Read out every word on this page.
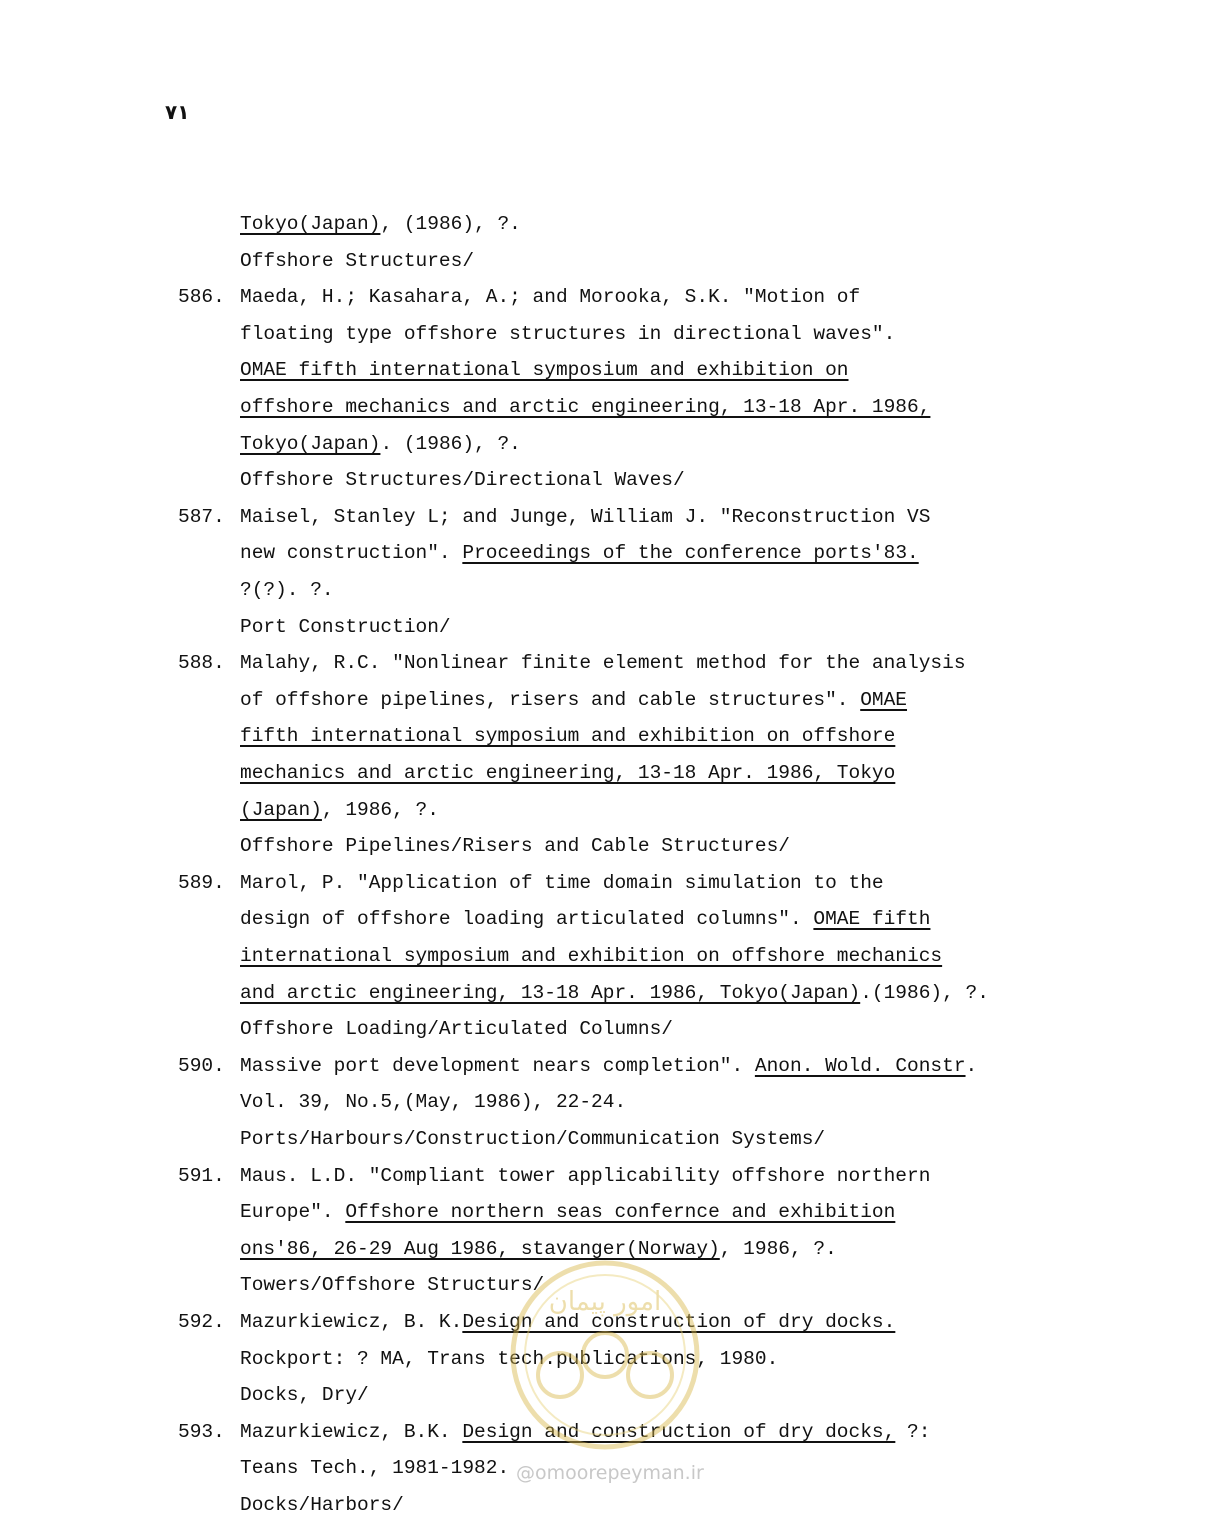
٧١
Tokyo(Japan), (1986), ?.
Offshore Structures/
586. Maeda, H.; Kasahara, A.; and Morooka, S.K. "Motion of
floating type offshore structures in directional waves".
OMAE fifth international symposium and exhibition on
offshore mechanics and arctic engineering, 13-18 Apr. 1986,
Tokyo(Japan). (1986), ?.
Offshore Structures/Directional Waves/
587. Maisel, Stanley L; and Junge, William J. "Reconstruction VS
new construction". Proceedings of the conference ports'83.
?(?). ?.
Port Construction/
588. Malahy, R.C. "Nonlinear finite element method for the analysis
of offshore pipelines, risers and cable structures". OMAE
fifth international symposium and exhibition on offshore
mechanics and arctic engineering, 13-18 Apr. 1986, Tokyo
(Japan), 1986, ?.
Offshore Pipelines/Risers and Cable Structures/
589. Marol, P. "Application of time domain simulation to the
design of offshore loading articulated columns". OMAE fifth
international symposium and exhibition on offshore mechanics
and arctic engineering, 13-18 Apr. 1986, Tokyo(Japan).(1986), ?.
Offshore Loading/Articulated Columns/
590. Massive port development nears completion". Anon. Wold. Constr.
Vol. 39, No.5,(May, 1986), 22-24.
Ports/Harbours/Construction/Communication Systems/
591. Maus. L.D. "Compliant tower applicability offshore northern
Europe". Offshore northern seas confernce and exhibition
ons'86, 26-29 Aug 1986, stavanger(Norway), 1986, ?.
Towers/Offshore Structurs/
592. Mazurkiewicz, B. K.Design and construction of dry docks.
Rockport: ? MA, Trans tech.publications, 1980.
Docks, Dry/
593. Mazurkiewicz, B.K. Design and construction of dry docks, ?:
Teans Tech., 1981-1982.
Docks/Harbors/
امور پیمان
@omoorepeyman.ir
